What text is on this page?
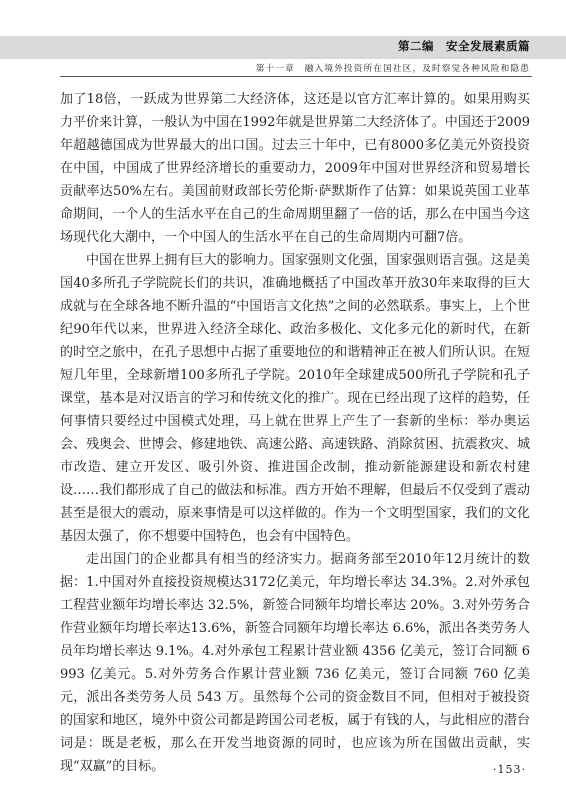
第二编　安全发展素质篇
第十一章　融入境外投资所在国社区，及时察觉各种风险和隐患

加了18倍，一跃成为世界第二大经济体，这还是以官方汇率计算的。如果用购买力平价来计算，一般认为中国在1992年就是世界第二大经济体了。中国还于2009年超越德国成为世界最大的出口国。过去三十年中，已有8000多亿美元外资投资在中国，中国成了世界经济增长的重要动力，2009年中国对世界经济和贸易增长贡献率达50%左右。美国前财政部长劳伦斯·萨默斯作了估算：如果说英国工业革命期间，一个人的生活水平在自己的生命周期里翻了一倍的话，那么在中国当今这场现代化大潮中，一个中国人的生活水平在自己的生命周期内可翻7倍。

中国在世界上拥有巨大的影响力。国家强则文化强，国家强则语言强。这是美国40多所孔子学院院长们的共识，准确地概括了中国改革开放30年来取得的巨大成就与在全球各地不断升温的“中国语言文化热”之间的必然联系。事实上，上个世纪90年代以来，世界进入经济全球化、政治多极化、文化多元化的新时代，在新的时空之旅中，在孔子思想中占据了重要地位的和谐精神正在被人们所认识。在短短几年里，全球新增100多所孔子学院。2010年全球建成500所孔子学院和孔子课堂，基本是对汉语言的学习和传统文化的推广。现在已经出现了这样的趋势，任何事情只要经过中国模式处理，马上就在世界上产生了一套新的坐标：举办奥运会、残奥会、世博会、修建地铁、高速公路、高速铁路、消除贫困、抗震救灾、城市改造、建立开发区、吸引外资、推进国企改制，推动新能源建设和新农村建设……我们都形成了自己的做法和标准。西方开始不理解，但最后不仅受到了震动甚至是很大的震动，原来事情是可以这样做的。作为一个文明型国家，我们的文化基因太强了，你不想要中国特色，也会有中国特色。

走出国门的企业都具有相当的经济实力。据商务部至2010年12月统计的数据：1.中国对外直接投资规模达3172亿美元，年均增长率达 34.3%。2.对外承包工程营业额年均增长率达 32.5%，新签合同额年均增长率达 20%。3.对外劳务合作营业额年均增长率达13.6%，新签合同额年均增长率达 6.6%，派出各类劳务人员年均增长率达 9.1%。4.对外承包工程累计营业额 4356 亿美元，签订合同额 6993 亿美元。5.对外劳务合作累计营业额 736 亿美元，签订合同额 760 亿美元，派出各类劳务人员 543 万。虽然每个公司的资金数目不同，但相对于被投资的国家和地区，境外中资公司都是跨国公司老板，属于有钱的人，与此相应的潜台词是：既是老板，那么在开发当地资源的同时，也应该为所在国做出贡献，实现“双赢”的目标。	·153·
